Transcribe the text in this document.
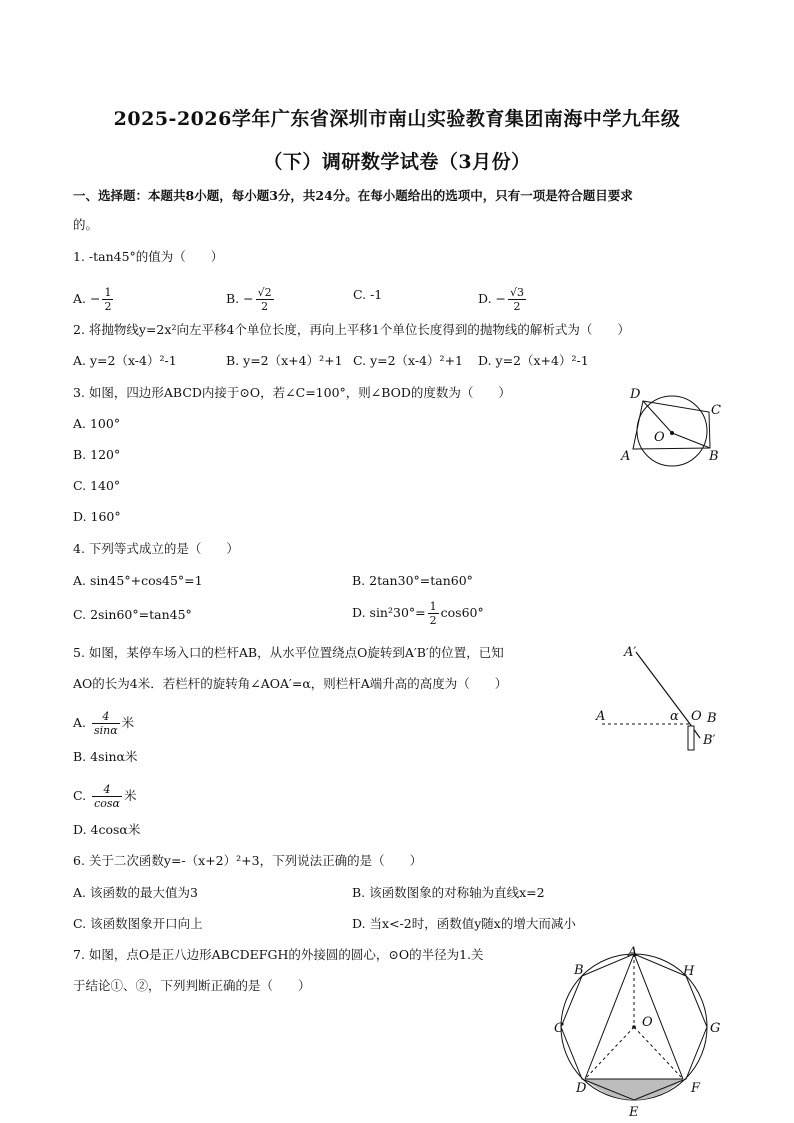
2025-2026学年广东省深圳市南山实验教育集团南海中学九年级
（下）调研数学试卷（3月份）
一、选择题：本题共8小题，每小题3分，共24分。在每小题给出的选项中，只有一项是符合题目要求
的。
1. -tan45°的值为（　　）
A. − $\frac{1}{2}$	B. − $\frac{√2}{2}$	C. -1	D. − $\frac{√3}{2}$
2. 将抛物线y=2x²向左平移4个单位长度，再向上平移1个单位长度得到的抛物线的解析式为（　　）
A. y=2（x-4）²-1	B. y=2（x+4）²+1 C. y=2（x-4）²+1 D. y=2（x+4）²-1
3. 如图，四边形ABCD内接于⊙O，若∠C=100°，则∠BOD的度数为（　　）
A. 100°
B. 120°
C. 140°
D. 160°
D
C
O
A	B
4. 下列等式成立的是（　　）
A. sin45°+cos45°=1	B. 2tan30°=tan60°
C. 2sin60°=tan45°	D. $\sin^230^\circ= \frac{1}{2} \cos 60^\circ$
5. 如图，某停车场入口的栏杆AB，从水平位置绕点O旋转到A′B′的位置，已知
AO的长为4米．若栏杆的旋转角∠AOA′=α，则栏杆A端升高的高度为（　　）
A. $\frac{4}{\sin\alpha}$ 米
B. 4sinα米
C. $\frac{4}{\cos\alpha}$ 米
D. 4cosα米
A′
A	α O B
B′
6. 关于二次函数y=-（x+2）²+3，下列说法正确的是（　　）
A. 该函数的最大值为3	B. 该函数图象的对称轴为直线x=2
C. 该函数图象开口向上	D. 当x<-2时，函数值y随x的增大而减小
7. 如图，点O是正八边形ABCDEFGH的外接圆的圆心，⊙O的半径为1.关
于结论①、②，下列判断正确的是（　　）
A
B	H
C	G
O
D	F
E
